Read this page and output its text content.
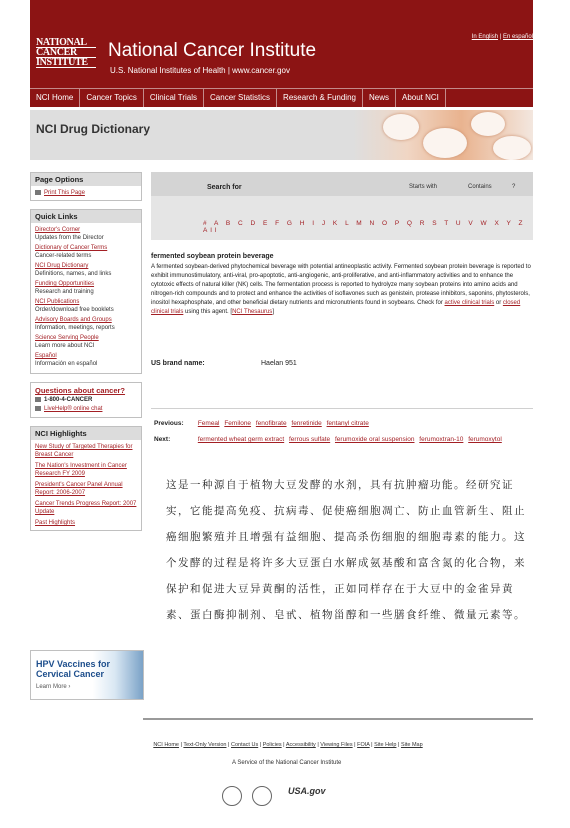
NATIONAL
CANCER
INSTITUTE
National Cancer Institute
U.S. National Institutes of Health | www.cancer.gov
In English | En español
NCI Home	Cancer Topics	Clinical Trials	Cancer Statistics	Research & Funding	News	About NCI
NCI Drug Dictionary
Page Options
Print This Page
Quick Links
Director's Corner
Updates from the Director
Dictionary of Cancer Terms
Cancer-related terms
NCI Drug Dictionary
Definitions, names, and links
Funding Opportunities
Research and training
NCI Publications
Order/download free booklets
Advisory Boards and Groups
Information, meetings, reports
Science Serving People
Learn more about NCI
Español
Información en español
Questions about cancer?
1-800-4-CANCER
LiveHelp® online chat
NCI Highlights
New Study of Targeted Therapies for Breast Cancer
The Nation's Investment in Cancer Research FY 2009
President's Cancer Panel Annual Report: 2006-2007
Cancer Trends Progress Report: 2007 Update
Past Highlights
HPV Vaccines for
Cervical Cancer
Learn More ›
Search for	Starts with	Contains	?
# A B C D E F G H I J K L M N O P Q R S T U V W X Y Z All
fermented soybean protein beverage
A fermented soybean-derived phytochemical beverage with potential antineoplastic activity. Fermented soybean protein beverage is reported to exhibit immunostimulatory, anti-viral, pro-apoptotic, anti-angiogenic, anti-proliferative, and anti-inflammatory activities and to enhance the cytotoxic effects of natural killer (NK) cells. The fermentation process is reported to hydrolyze many soybean proteins into amino acids and nitrogen-rich compounds and to protect and enhance the activities of isoflavones such as genistein, protease inhibitors, saponins, phytosterols, inositol hexaphosphate, and other beneficial dietary nutrients and micronutrients found in soybeans. Check for active clinical trials or closed clinical trials using this agent. [NCI Thesaurus]
US brand name:	Haelan 951
Previous: Femeal Femilone fenofibrate fenretinide fentanyl citrate
Next:	fermented wheat germ extract ferrous sulfate ferumoxide oral suspension ferumoxtran-10 ferumoxytol
这是一种源自于植物大豆发酵的水剂，具有抗肿瘤功能。经研究证实，它能提高免疫、抗病毒、促使癌细胞凋亡、防止血管新生、阻止癌细胞繁殖并且增强有益细胞、提高杀伤细胞的细胞毒素的能力。这个发酵的过程是将许多大豆蛋白水解成氨基酸和富含氮的化合物，来保护和促进大豆异黄酮的活性，正如同样存在于大豆中的金雀异黄素、蛋白酶抑制剂、皂甙、植物甾醇和一些膳食纤维、微量元素等。
NCI Home | Text-Only Version | Contact Us | Policies | Accessibility | Viewing Files | FOIA | Site Help | Site Map
A Service of the National Cancer Institute
USA.gov
